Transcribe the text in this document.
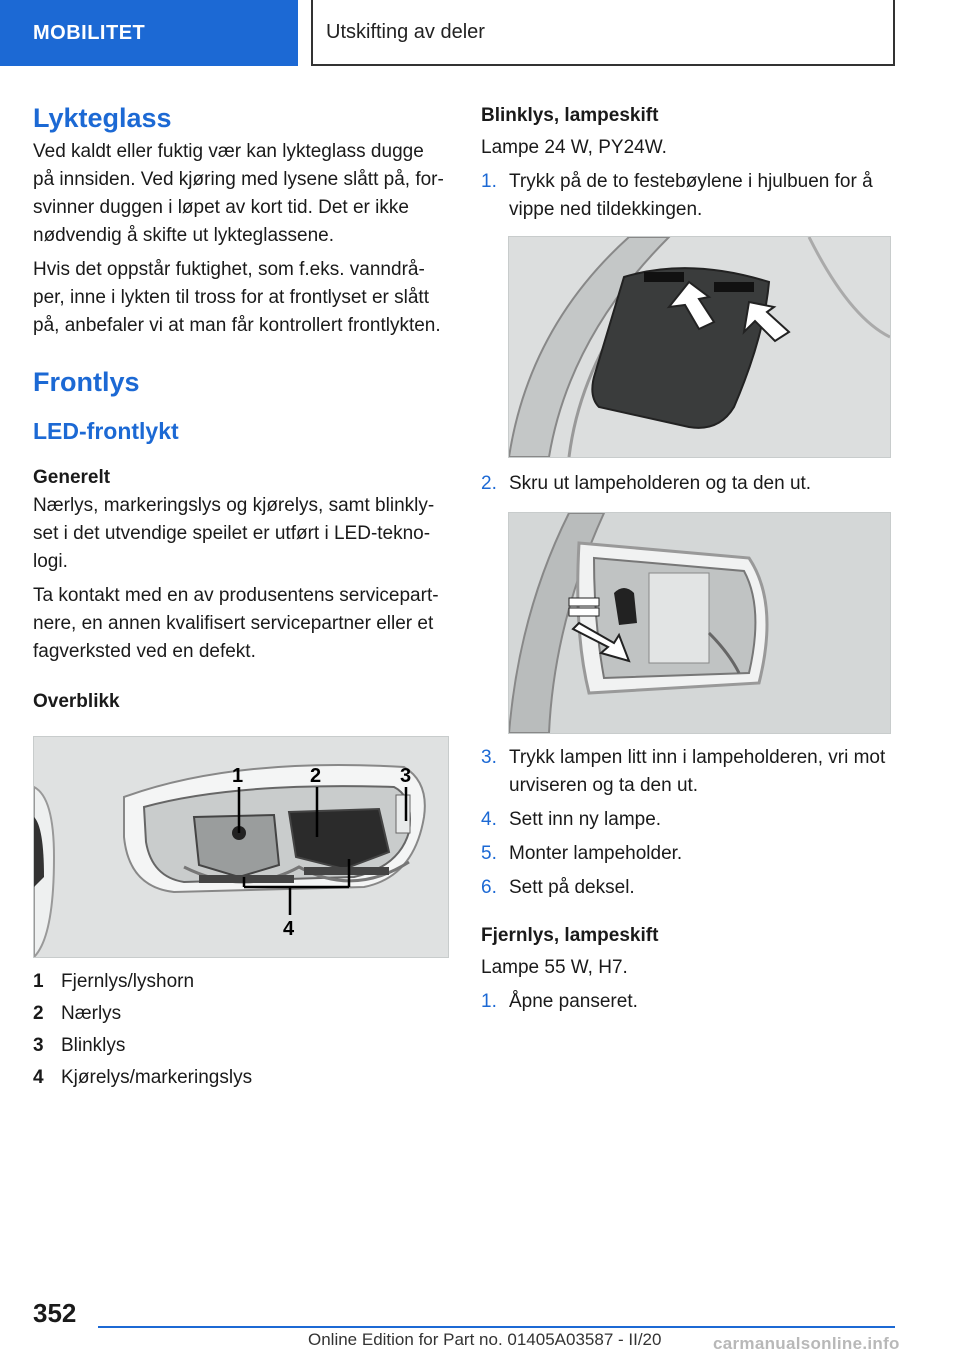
MOBILITET	Utskifting av deler
Lykteglass

Ved kaldt eller fuktig vær kan lykteglass dugge på innsiden. Ved kjøring med lysene slått på, for-svinner duggen i løpet av kort tid. Det er ikke nødvendig å skifte ut lykteglassene.

Hvis det oppstår fuktighet, som f.eks. vanndrå-per, inne i lykten til tross for at frontlyset er slått på, anbefaler vi at man får kontrollert frontlykten.

Frontlys
LED-frontlykt
Generelt

Nærlys, markeringslys og kjørelys, samt blinkly-set i det utvendige speilet er utført i LED-tekno-logi.

Ta kontakt med en av produsentens servicepart-nere, en annen kvalifisert servicepartner eller et fagverksted ved en defekt.

Overblikk
1	2	3
4
1 Fjernlys/lyshorn
2 Nærlys
3 Blinklys
4 Kjørelys/markeringslys
Blinklys, lampeskift

Lampe 24 W, PY24W.

1. Trykk på de to festebøylene i hjulbuen for å vippe ned tildekkingen.
2. Skru ut lampeholderen og ta den ut.
3. Trykk lampen litt inn i lampeholderen, vri mot urviseren og ta den ut.
4. Sett inn ny lampe.
5. Monter lampeholder.
6. Sett på deksel.
Fjernlys, lampeskift

Lampe 55 W, H7.

1. Åpne panseret.
352
Online Edition for Part no. 01405A03587 - II/20	carmanualsonline.info
